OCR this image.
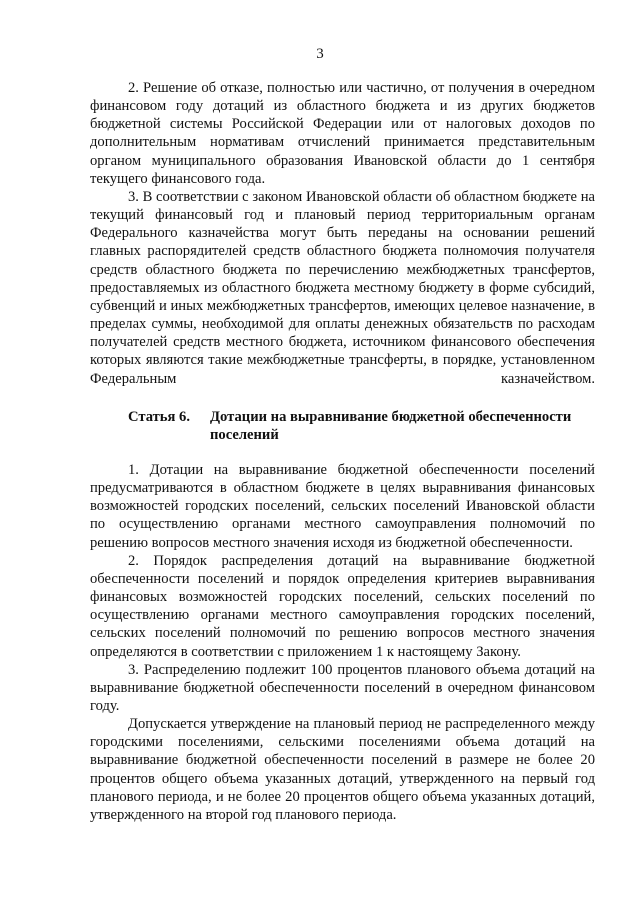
3

2. Решение об отказе, полностью или частично, от получения в очередном финансовом году дотаций из областного бюджета и из других бюджетов бюджетной системы Российской Федерации или от налоговых доходов по дополнительным нормативам отчислений принимается представительным органом муниципального образования Ивановской области до 1 сентября текущего финансового года.

3. В соответствии с законом Ивановской области об областном бюджете на текущий финансовый год и плановый период территориальным органам Федерального казначейства могут быть переданы на основании решений главных распорядителей средств областного бюджета полномочия получателя средств областного бюджета по перечислению межбюджетных трансфертов, предоставляемых из областного бюджета местному бюджету в форме субсидий, субвенций и иных межбюджетных трансфертов, имеющих целевое назначение, в пределах суммы, необходимой для оплаты денежных обязательств по расходам получателей средств местного бюджета, источником финансового обеспечения которых являются такие межбюджетные трансферты, в порядке, установленном Федеральным казначейством.

Статья 6.	Дотации на выравнивание бюджетной обеспеченности поселений

1. Дотации на выравнивание бюджетной обеспеченности поселений предусматриваются в областном бюджете в целях выравнивания финансовых возможностей городских поселений, сельских поселений Ивановской области по осуществлению органами местного самоуправления полномочий по решению вопросов местного значения исходя из бюджетной обеспеченности.

2. Порядок распределения дотаций на выравнивание бюджетной обеспеченности поселений и порядок определения критериев выравнивания финансовых возможностей городских поселений, сельских поселений по осуществлению органами местного самоуправления городских поселений, сельских поселений полномочий по решению вопросов местного значения определяются в соответствии с приложением 1 к настоящему Закону.

3. Распределению подлежит 100 процентов планового объема дотаций на выравнивание бюджетной обеспеченности поселений в очередном финансовом году.

Допускается утверждение на плановый период не распределенного между городскими поселениями, сельскими поселениями объема дотаций на выравнивание бюджетной обеспеченности поселений в размере не более 20 процентов общего объема указанных дотаций, утвержденного на первый год планового периода, и не более 20 процентов общего объема указанных дотаций, утвержденного на второй год планового периода.
